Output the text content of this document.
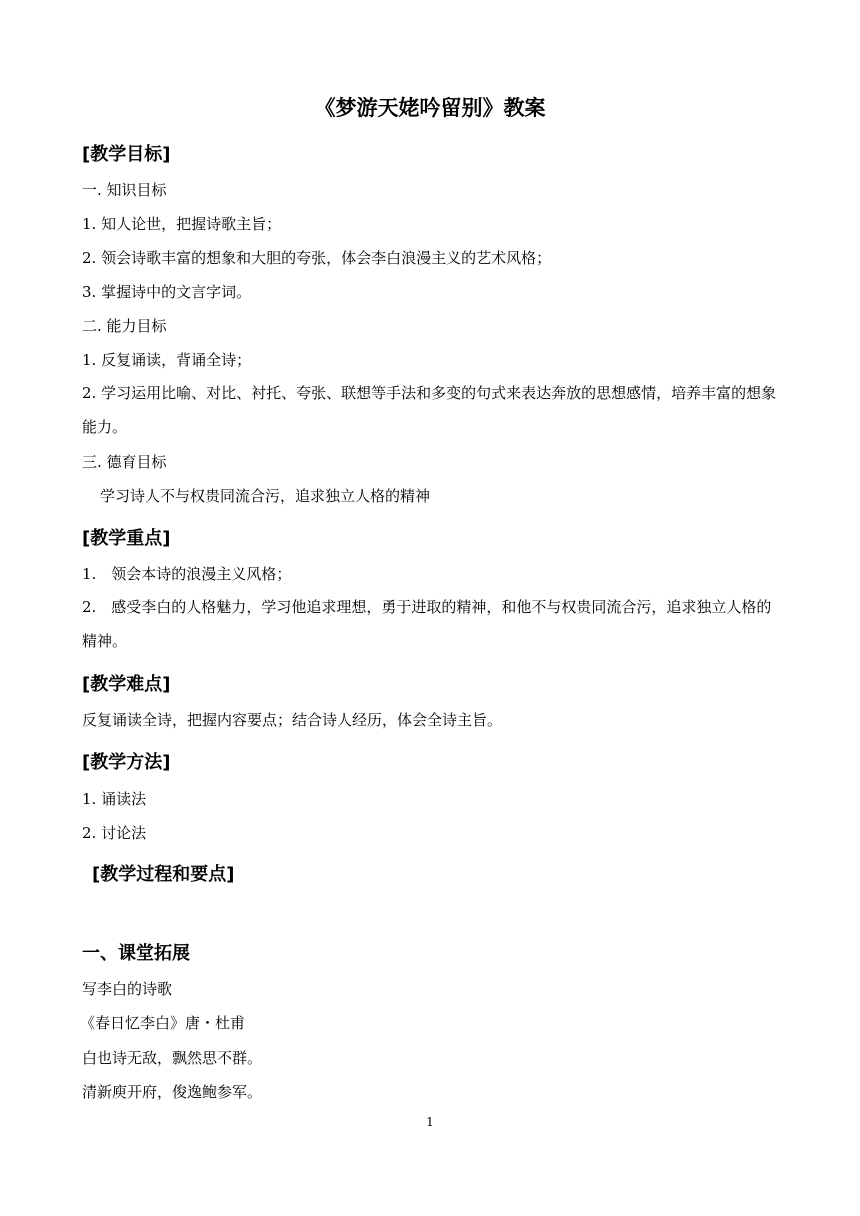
《梦游天姥吟留别》教案
[教学目标]
一. 知识目标
1. 知人论世，把握诗歌主旨；
2. 领会诗歌丰富的想象和大胆的夸张，体会李白浪漫主义的艺术风格；
3. 掌握诗中的文言字词。
二. 能力目标
1. 反复诵读，背诵全诗；
2. 学习运用比喻、对比、衬托、夸张、联想等手法和多变的句式来表达奔放的思想感情，培养丰富的想象能力。
三. 德育目标
学习诗人不与权贵同流合污，追求独立人格的精神
[教学重点]
1.　领会本诗的浪漫主义风格；
2.　感受李白的人格魅力，学习他追求理想，勇于进取的精神，和他不与权贵同流合污，追求独立人格的精神。
[教学难点]
反复诵读全诗，把握内容要点；结合诗人经历，体会全诗主旨。
[教学方法]
1. 诵读法
2. 讨论法
[教学过程和要点]
一、课堂拓展
写李白的诗歌
《春日忆李白》唐・杜甫
白也诗无敌，飘然思不群。
清新庾开府，俊逸鲍参军。
1
